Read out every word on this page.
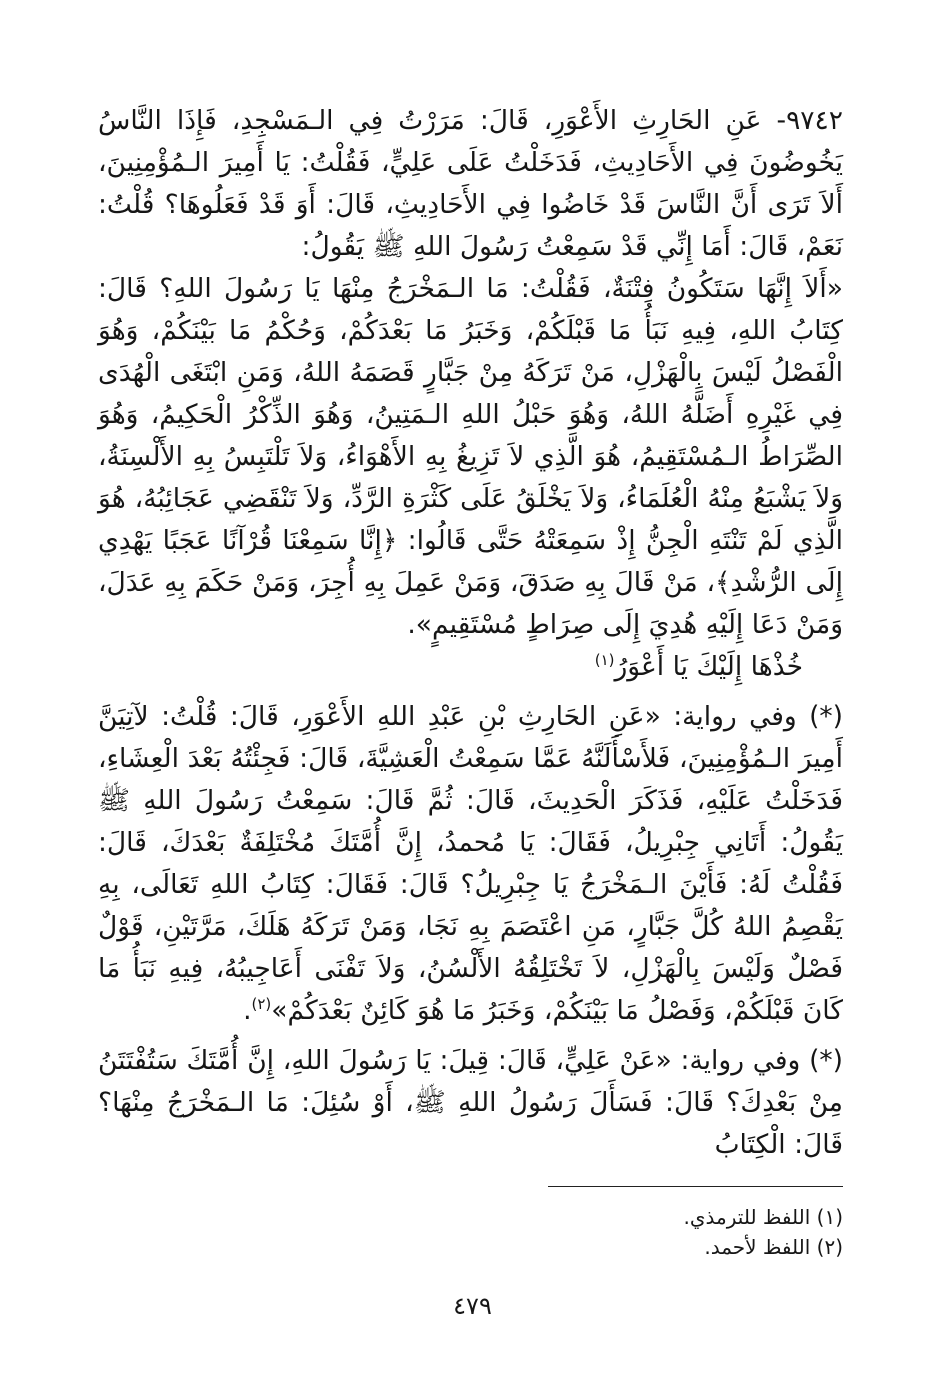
٩٧٤٢- عَنِ الحَارِثِ الأَعْوَرِ، قَالَ: مَرَرْتُ فِي الـمَسْجِدِ، فَإِذَا النَّاسُ يَخُوضُونَ فِي الأَحَادِيثِ، فَدَخَلْتُ عَلَى عَلِيٍّ، فَقُلْتُ: يَا أَمِيرَ الـمُؤْمِنِينَ، أَلاَ تَرَى أَنَّ النَّاسَ قَدْ خَاضُوا فِي الأَحَادِيثِ، قَالَ: أَوَ قَدْ فَعَلُوهَا؟ قُلْتُ: نَعَمْ، قَالَ: أَمَا إِنِّي قَدْ سَمِعْتُ رَسُولَ اللهِ ﷺ يَقُولُ:

«أَلاَ إِنَّهَا سَتَكُونُ فِتْنَةٌ، فَقُلْتُ: مَا الـمَخْرَجُ مِنْهَا يَا رَسُولَ اللهِ؟ قَالَ: كِتَابُ اللهِ، فِيهِ نَبَأُ مَا قَبْلَكُمْ، وَخَبَرُ مَا بَعْدَكُمْ، وَحُكْمُ مَا بَيْنَكُمْ، وَهُوَ الْفَصْلُ لَيْسَ بِالْهَزْلِ، مَنْ تَرَكَهُ مِنْ جَبَّارٍ قَصَمَهُ اللهُ، وَمَنِ ابْتَغَى الْهُدَى فِي غَيْرِهِ أَضَلَّهُ اللهُ، وَهُوَ حَبْلُ اللهِ الـمَتِينُ، وَهُوَ الذِّكْرُ الْحَكِيمُ، وَهُوَ الصِّرَاطُ الـمُسْتَقِيمُ، هُوَ الَّذِي لاَ تَزِيغُ بِهِ الأَهْوَاءُ، وَلاَ تَلْتَبِسُ بِهِ الأَلْسِنَةُ، وَلاَ يَشْبَعُ مِنْهُ الْعُلَمَاءُ، وَلاَ يَخْلَقُ عَلَى كَثْرَةِ الرَّدِّ، وَلاَ تَنْقَضِي عَجَائِبُهُ، هُوَ الَّذِي لَمْ تَنْتَهِ الْجِنُّ إِذْ سَمِعَتْهُ حَتَّى قَالُوا: ﴿إِنَّا سَمِعْنَا قُرْآنًا عَجَبًا يَهْدِي إِلَى الرُّشْدِ﴾، مَنْ قَالَ بِهِ صَدَقَ، وَمَنْ عَمِلَ بِهِ أُجِرَ، وَمَنْ حَكَمَ بِهِ عَدَلَ، وَمَنْ دَعَا إِلَيْهِ هُدِيَ إِلَى صِرَاطٍ مُسْتَقِيمٍ».

خُذْهَا إِلَيْكَ يَا أَعْوَرُ$^{(١)}$

(*) وفي رواية: «عَنِ الحَارِثِ بْنِ عَبْدِ اللهِ الأَعْوَرِ، قَالَ: قُلْتُ: لآتِيَنَّ أَمِيرَ الـمُؤْمِنِينَ، فَلأَسْأَلَنَّهُ عَمَّا سَمِعْتُ الْعَشِيَّةَ، قَالَ: فَجِئْتُهُ بَعْدَ الْعِشَاءِ، فَدَخَلْتُ عَلَيْهِ، فَذَكَرَ الْحَدِيثَ، قَالَ: ثُمَّ قَالَ: سَمِعْتُ رَسُولَ اللهِ ﷺ يَقُولُ: أَتَانِي جِبْرِيلُ، فَقَالَ: يَا مُحمدُ، إِنَّ أُمَّتَكَ مُخْتَلِفَةٌ بَعْدَكَ، قَالَ: فَقُلْتُ لَهُ: فَأَيْنَ الـمَخْرَجُ يَا جِبْرِيلُ؟ قَالَ: فَقَالَ: كِتَابُ اللهِ تَعَالَى، بِهِ يَقْصِمُ اللهُ كُلَّ جَبَّارٍ، مَنِ اعْتَصَمَ بِهِ نَجَا، وَمَنْ تَرَكَهُ هَلَكَ، مَرَّتَيْنِ، قَوْلٌ فَصْلٌ وَلَيْسَ بِالْهَزْلِ، لاَ تَخْتَلِقُهُ الأَلْسُنُ، وَلاَ تَفْنَى أَعَاجِيبُهُ، فِيهِ نَبَأُ مَا كَانَ قَبْلَكُمْ، وَفَصْلُ مَا بَيْنَكُمْ، وَخَبَرُ مَا هُوَ كَائِنٌ بَعْدَكُمْ»$^{(٢)}$.

(*) وفي رواية: «عَنْ عَلِيٍّ، قَالَ: قِيلَ: يَا رَسُولَ اللهِ، إِنَّ أُمَّتَكَ سَتُفْتَتَنُ مِنْ بَعْدِكَ؟ قَالَ: فَسَأَلَ رَسُولُ اللهِ ﷺ، أَوْ سُئِلَ: مَا الـمَخْرَجُ مِنْهَا؟ قَالَ: الْكِتَابُ

(١) اللفظ للترمذي.

(٢) اللفظ لأحمد.

٤٧٩
